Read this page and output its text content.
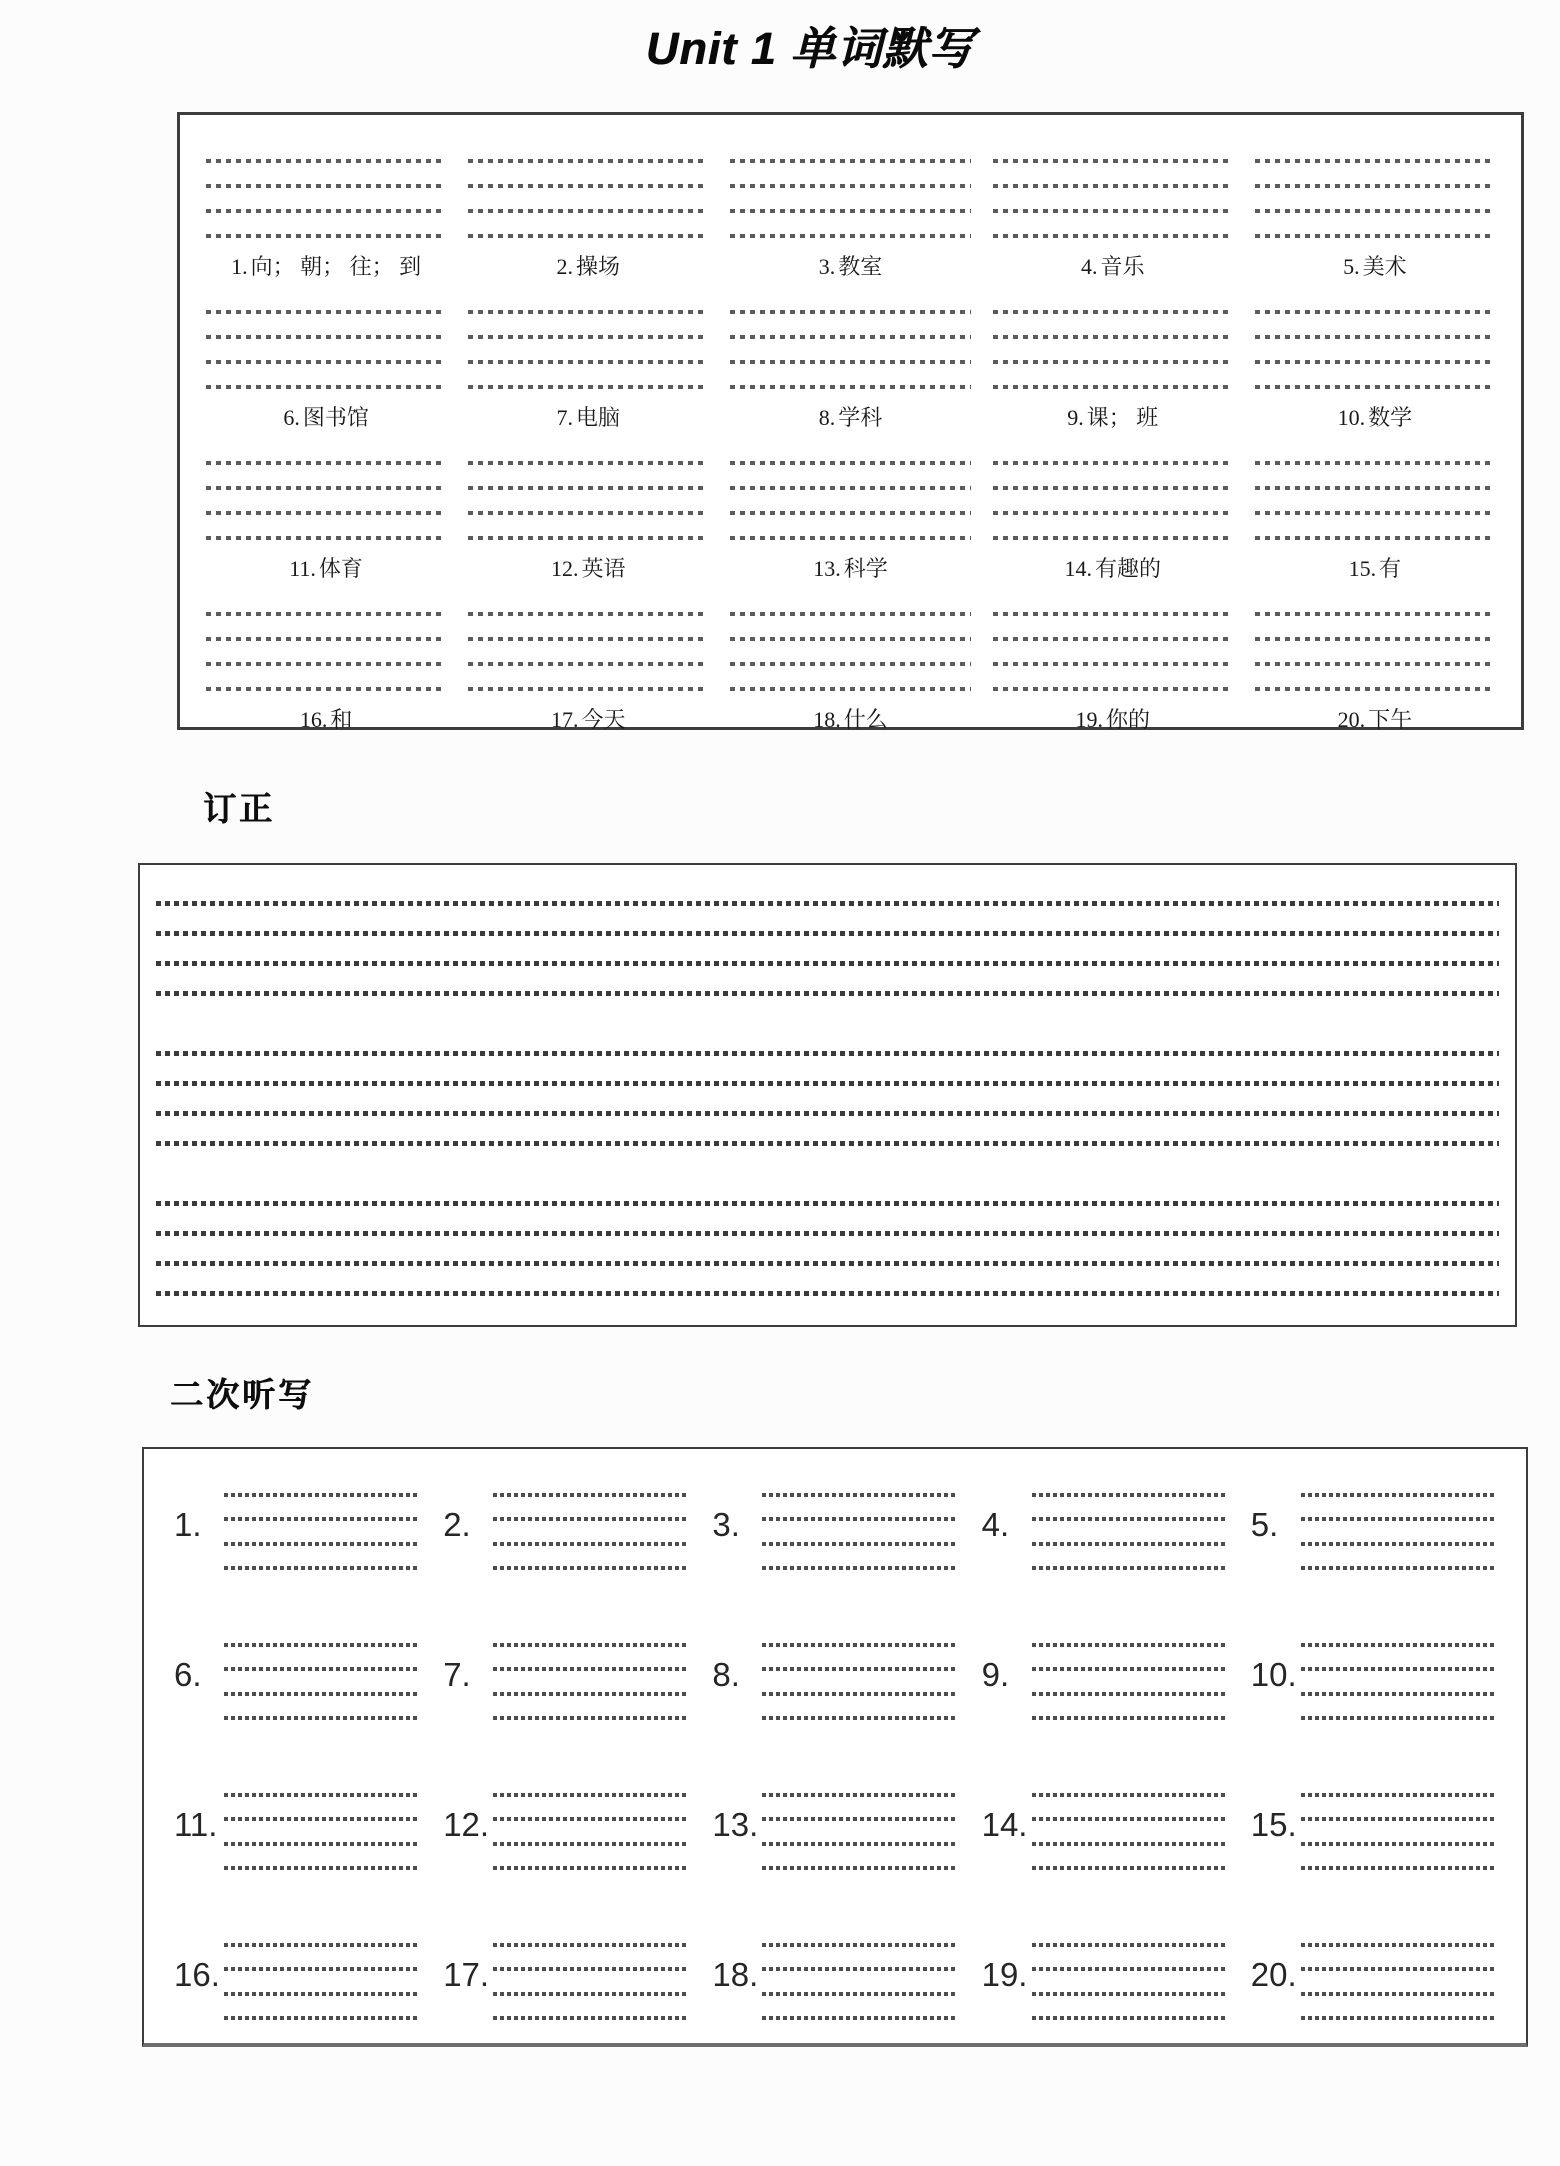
Unit 1 单词默写
1. 向； 朝； 往； 到	2. 操场	3. 教室	4. 音乐	5. 美术
6. 图书馆	7. 电脑	8. 学科	9. 课； 班	10. 数学
11. 体育	12. 英语	13. 科学	14. 有趣的	15. 有
16. 和	17. 今天	18. 什么	19. 你的	20. 下午
订正
二次听写
1.	2.	3.	4.	5.
6.	7.	8.	9.	10.
11.	12.	13.	14.	15.
16.	17.	18.	19.	20.
